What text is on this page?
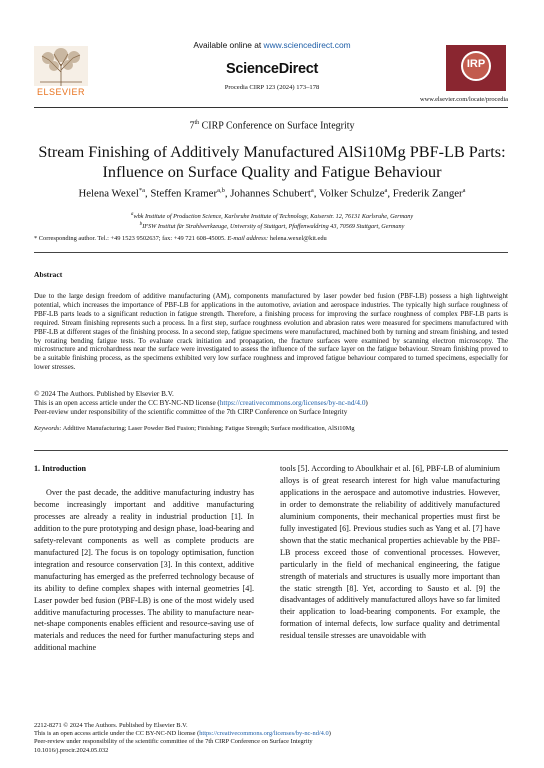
Available online at www.sciencedirect.com
ELSEVIER
ScienceDirect
Procedia CIRP 123 (2024) 173–178
IRP
www.elsevier.com/locate/procedia
7th CIRP Conference on Surface Integrity
Stream Finishing of Additively Manufactured AlSi10Mg PBF-LB Parts: Influence on Surface Quality and Fatigue Behaviour
Helena Wexel$^{*a}$, Steffen Kramer$^{a,b}$, Johannes Schubert$^a$, Volker Schulze$^a$, Frederik Zanger$^a$
$^a$wbk Institute of Production Science, Karlsruhe Institute of Technology, Kaiserstr. 12, 76131 Karlsruhe, Germany
$^b$IFSW Institut für Strahlwerkzeuge, University of Stuttgart, Pfaffenwaldring 43, 70569 Stuttgart, Germany
* Corresponding author. Tel.: +49 1523 9502637; fax: +49 721 608-45005. E-mail address: helena.wexel@kit.edu
Abstract
Due to the large design freedom of additive manufacturing (AM), components manufactured by laser powder bed fusion (PBF-LB) possess a high lightweight potential, which increases the importance of PBF-LB for applications in the automotive, aviation and aerospace industries. The typically high surface roughness of PBF-LB parts leads to a significant reduction in fatigue strength. Therefore, a finishing process for improving the surface roughness of complex PBF-LB parts is required. Stream finishing represents such a process. In a first step, surface roughness evolution and abrasion rates were measured for specimens manufactured with PBF-LB at different stages of the finishing process. In a second step, fatigue specimens were manufactured, machined both by turning and stream finishing, and tested by rotating bending fatigue tests. To evaluate crack initiation and propagation, the fracture surfaces were examined by scanning electron microscopy. The microstructure and microhardness near the surface were investigated to assess the influence of the surface layer on the fatigue behaviour. Stream finishing proved to be a suitable finishing process, as the specimens exhibited very low surface roughness and improved fatigue behaviour compared to turned specimens, especially for lower stresses.
© 2024 The Authors. Published by Elsevier B.V.
This is an open access article under the CC BY-NC-ND license (https://creativecommons.org/licenses/by-nc-nd/4.0)
Peer-review under responsibility of the scientific committee of the 7th CIRP Conference on Surface Integrity
Keywords: Additive Manufacturing; Laser Powder Bed Fusion; Finishing; Fatigue Strength; Surface modification, AlSi10Mg
1. Introduction

Over the past decade, the additive manufacturing industry has become increasingly important and additive manufacturing processes are already a reality in industrial production [1]. In addition to the pure prototyping and design phase, load-bearing and safety-relevant components as well as complete products are manufactured [2]. The focus is on topology optimisation, function integration and resource conservation [3]. In this context, additive manufacturing has emerged as the preferred technology because of its ability to define complex shapes with internal geometries [4]. Laser powder bed fusion (PBF-LB) is one of the most widely used additive manufacturing processes. The ability to manufacture near-net-shape components enables efficient and resource-saving use of materials and reduces the need for further manufacturing steps and additional machine

tools [5]. According to Aboulkhair et al. [6], PBF-LB of aluminium alloys is of great research interest for high value manufacturing applications in the aerospace and automotive industries. However, in order to demonstrate the reliability of additively manufactured aluminium components, their mechanical properties must first be fully investigated [6]. Previous studies such as Yang et al. [7] have shown that the static mechanical properties achievable by the PBF-LB process exceed those of conventional processes. However, particularly in the field of mechanical engineering, the fatigue strength of materials and structures is usually more important than the static strength [8]. Yet, according to Sausto et al. [9] the disadvantages of additively manufactured alloys have so far limited their application to load-bearing components. For example, the formation of internal defects, low surface quality and detrimental residual tensile stresses are unavoidable with

2212-8271 © 2024 The Authors. Published by Elsevier B.V.
This is an open access article under the CC BY-NC-ND license (https://creativecommons.org/licenses/by-nc-nd/4.0)
Peer-review under responsibility of the scientific committee of the 7th CIRP Conference on Surface Integrity
10.1016/j.procir.2024.05.032
